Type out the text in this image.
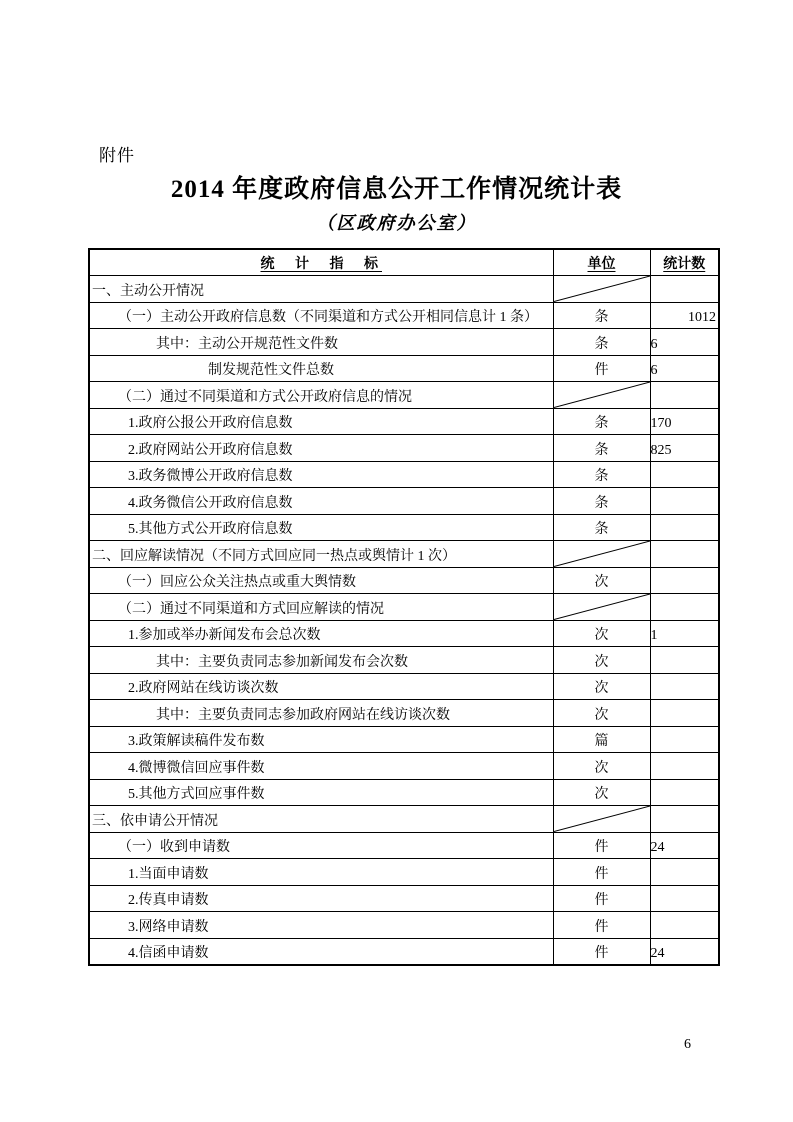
附件
2014 年度政府信息公开工作情况统计表
（区政府办公室）
统 计 指 标	单位	统计数
一、主动公开情况	

（一）主动公开政府信息数（不同渠道和方式公开相同信息计 1 条）	条	1012
其中：主动公开规范性文件数	条	6
制发规范性文件总数	件	6
（二）通过不同渠道和方式公开政府信息的情况	

1.政府公报公开政府信息数	条	170
2.政府网站公开政府信息数	条	825
3.政务微博公开政府信息数	条	
4.政务微信公开政府信息数	条	
5.其他方式公开政府信息数	条	
二、回应解读情况（不同方式回应同一热点或舆情计 1 次）	

（一）回应公众关注热点或重大舆情数	次	
（二）通过不同渠道和方式回应解读的情况	

1.参加或举办新闻发布会总次数	次	1
其中：主要负责同志参加新闻发布会次数	次	
2.政府网站在线访谈次数	次	
其中：主要负责同志参加政府网站在线访谈次数	次	
3.政策解读稿件发布数	篇	
4.微博微信回应事件数	次	
5.其他方式回应事件数	次	
三、依申请公开情况	

（一）收到申请数	件	24
1.当面申请数	件	
2.传真申请数	件	
3.网络申请数	件	
4.信函申请数	件	24
6
